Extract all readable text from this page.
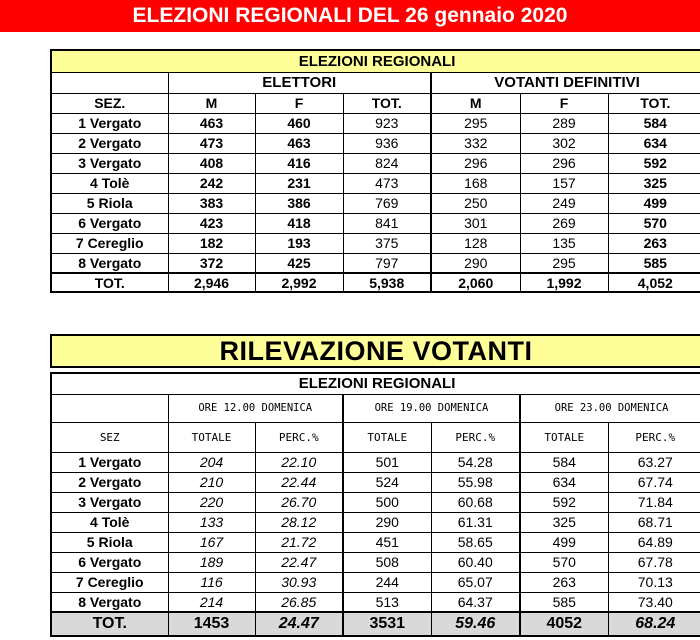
ELEZIONI REGIONALI DEL 26 gennaio 2020
ELEZIONI REGIONALI						
	ELETTORI			VOTANTI DEFINITIVI		
SEZ.	M	F	TOT.	M	F	TOT.
1 Vergato	463	460	923	295	289	584
2 Vergato	473	463	936	332	302	634
3 Vergato	408	416	824	296	296	592
4 Tolè	242	231	473	168	157	325
5 Riola	383	386	769	250	249	499
6 Vergato	423	418	841	301	269	570
7 Cereglio	182	193	375	128	135	263
8 Vergato	372	425	797	290	295	585
TOT.	2,946	2,992	5,938	2,060	1,992	4,052
RILEVAZIONE VOTANTI
ELEZIONI REGIONALI						
	ORE 12.00 DOMENICA		ORE 19.00 DOMENICA		ORE 23.00 DOMENICA	
SEZ	TOTALE	PERC.%	TOTALE	PERC.%	TOTALE	PERC.%
1 Vergato	204	22.10	501	54.28	584	63.27
2 Vergato	210	22.44	524	55.98	634	67.74
3 Vergato	220	26.70	500	60.68	592	71.84
4 Tolè	133	28.12	290	61.31	325	68.71
5 Riola	167	21.72	451	58.65	499	64.89
6 Vergato	189	22.47	508	60.40	570	67.78
7 Cereglio	116	30.93	244	65.07	263	70.13
8 Vergato	214	26.85	513	64.37	585	73.40
TOT.	1453	24.47	3531	59.46	4052	68.24
